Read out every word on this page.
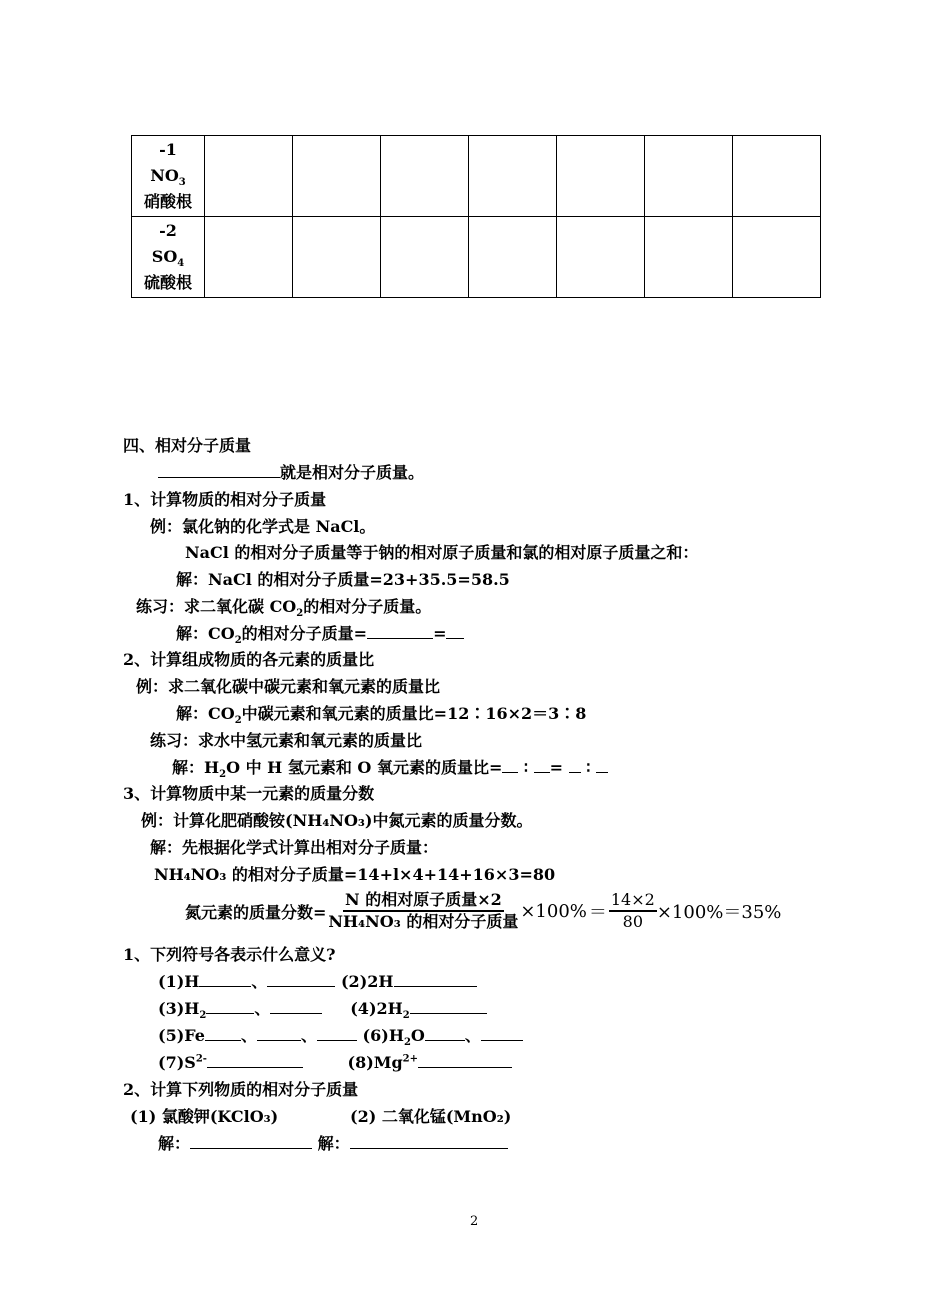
-1
$NO_3$
硝酸根							

-2
$SO_4$
硫酸根							

四、相对分子质量
就是相对分子质量。
1、计算物质的相对分子质量
例：氯化钠的化学式是 NaCl。
NaCl 的相对分子质量等于钠的相对原子质量和氯的相对原子质量之和：
解：NaCl 的相对分子质量=23+35.5=58.5
练习：求二氧化碳 $CO_2$的相对分子质量。
解：$CO_2$的相对分子质量=	=
2、计算组成物质的各元素的质量比
例：求二氧化碳中碳元素和氧元素的质量比
解：$CO_2$中碳元素和氧元素的质量比=12∶16×2＝3∶8
练习：求水中氢元素和氧元素的质量比
解：$H_2O$ 中 H 氢元素和 O 氧元素的质量比= ∶ =  ∶
3、计算物质中某一元素的质量分数
例：计算化肥硝酸铵(NH₄NO₃)中氮元素的质量分数。
解：先根据化学式计算出相对分子质量：
NH₄NO₃ 的相对分子质量=14+l×4+14+16×3=80
氮元素的质量分数= $\frac{\text{N 的相对原子质量×2}}{\text{NH₄NO₃ 的相对分子质量}} \times 100\% = \frac{14\times 2}{80} \times 100\%=35\%$
1、下列符号各表示什么意义?
(1)H	、	(2)2H
$(3)H_2$	、	$(4)2H_2$
(5)Fe 、	、	$(6)H_2O$	、
$(7)S^{2-}$	$(8)Mg^{2+}$
2、计算下列物质的相对分子质量
(1) 氯酸钾(KClO₃)	(2) 二氧化锰(MnO₂)
解：	解：
2
